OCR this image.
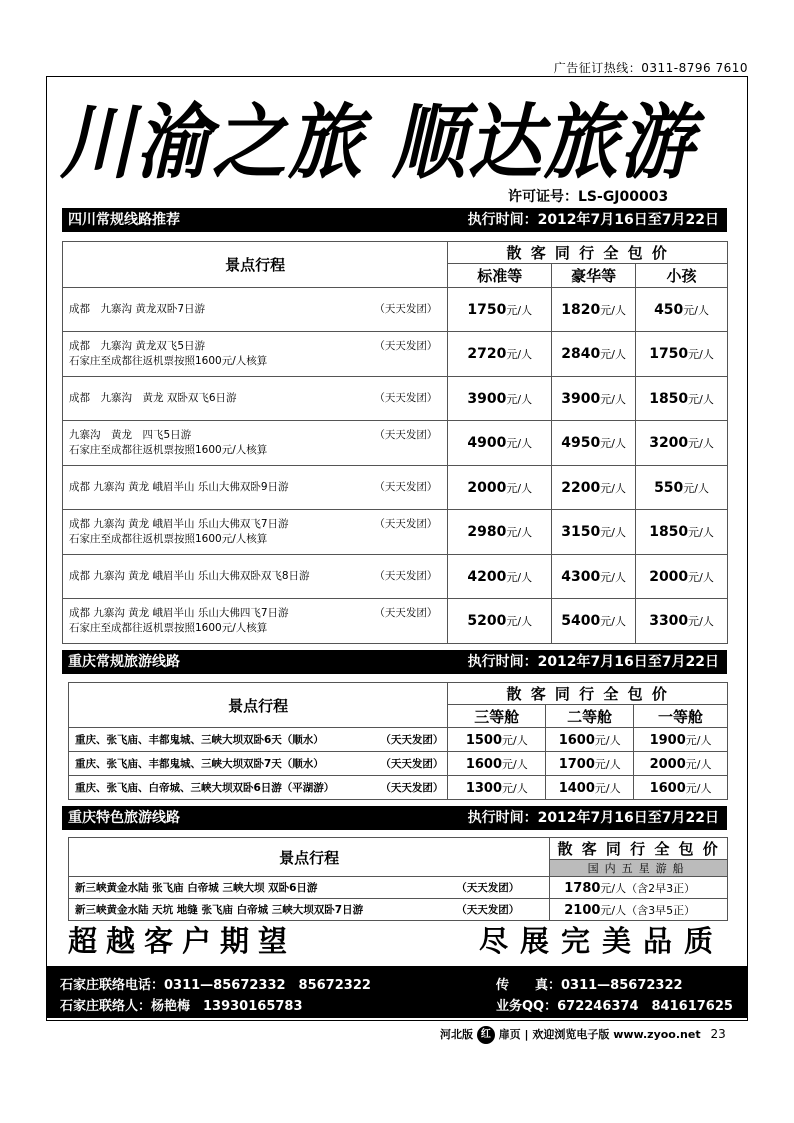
广告征订热线：0311-8796 7610
川渝之旅 顺达旅游
许可证号：LS-GJ00003
四川常规线路推荐	执行时间：2012年7月16日至7月22日
景点行程	散 客 同 行 全 包 价		
	标准等	豪华等	小孩

成都　九寨沟 黄龙双卧7日游 （天天发团）	1750元/人	1820元/人	450元/人

成都　九寨沟 黄龙双飞5日游 （天天发团）
石家庄至成都往返机票按照1600元/人核算	2720元/人	2840元/人	1750元/人

成都　九寨沟　黄龙 双卧双飞6日游 （天天发团）	3900元/人	3900元/人	1850元/人

九寨沟　黄龙　四飞5日游 （天天发团）
石家庄至成都往返机票按照1600元/人核算	4900元/人	4950元/人	3200元/人

成都 九寨沟 黄龙 峨眉半山 乐山大佛双卧9日游 （天天发团）	2000元/人	2200元/人	550元/人

成都 九寨沟 黄龙 峨眉半山 乐山大佛双飞7日游 （天天发团）
石家庄至成都往返机票按照1600元/人核算	2980元/人	3150元/人	1850元/人

成都 九寨沟 黄龙 峨眉半山 乐山大佛双卧双飞8日游 （天天发团）	4200元/人	4300元/人	2000元/人

成都 九寨沟 黄龙 峨眉半山 乐山大佛四飞7日游 （天天发团）
石家庄至成都往返机票按照1600元/人核算	5200元/人	5400元/人	3300元/人
重庆常规旅游线路	执行时间：2012年7月16日至7月22日
景点行程	散 客 同 行 全 包 价		
	三等舱	二等舱	一等舱

重庆、张飞庙、丰都鬼城、三峡大坝双卧6天（顺水） （天天发团）	1500元/人	1600元/人	1900元/人

重庆、张飞庙、丰都鬼城、三峡大坝双卧7天（顺水） （天天发团）	1600元/人	1700元/人	2000元/人

重庆、张飞庙、白帝城、三峡大坝双卧6日游（平湖游） （天天发团）	1300元/人	1400元/人	1600元/人
重庆特色旅游线路	执行时间：2012年7月16日至7月22日
景点行程	散 客 同 行 全 包 价
	国内五星游船

新三峡黄金水陆 张飞庙 白帝城 三峡大坝 双卧6日游 （天天发团）	1780元/人（含2早3正）

新三峡黄金水陆 天坑 地缝 张飞庙 白帝城 三峡大坝双卧7日游 （天天发团）	2100元/人（含3早5正）
超越客户期望	尽展完美品质
石家庄联络电话：0311—85672332　85672322	传　　真：0311—85672322
石家庄联络人：杨艳梅　13930165783	业务QQ：672246374　841617625
河北版 红 扉页 | 欢迎浏览电子版 www.zyoo.net 23
